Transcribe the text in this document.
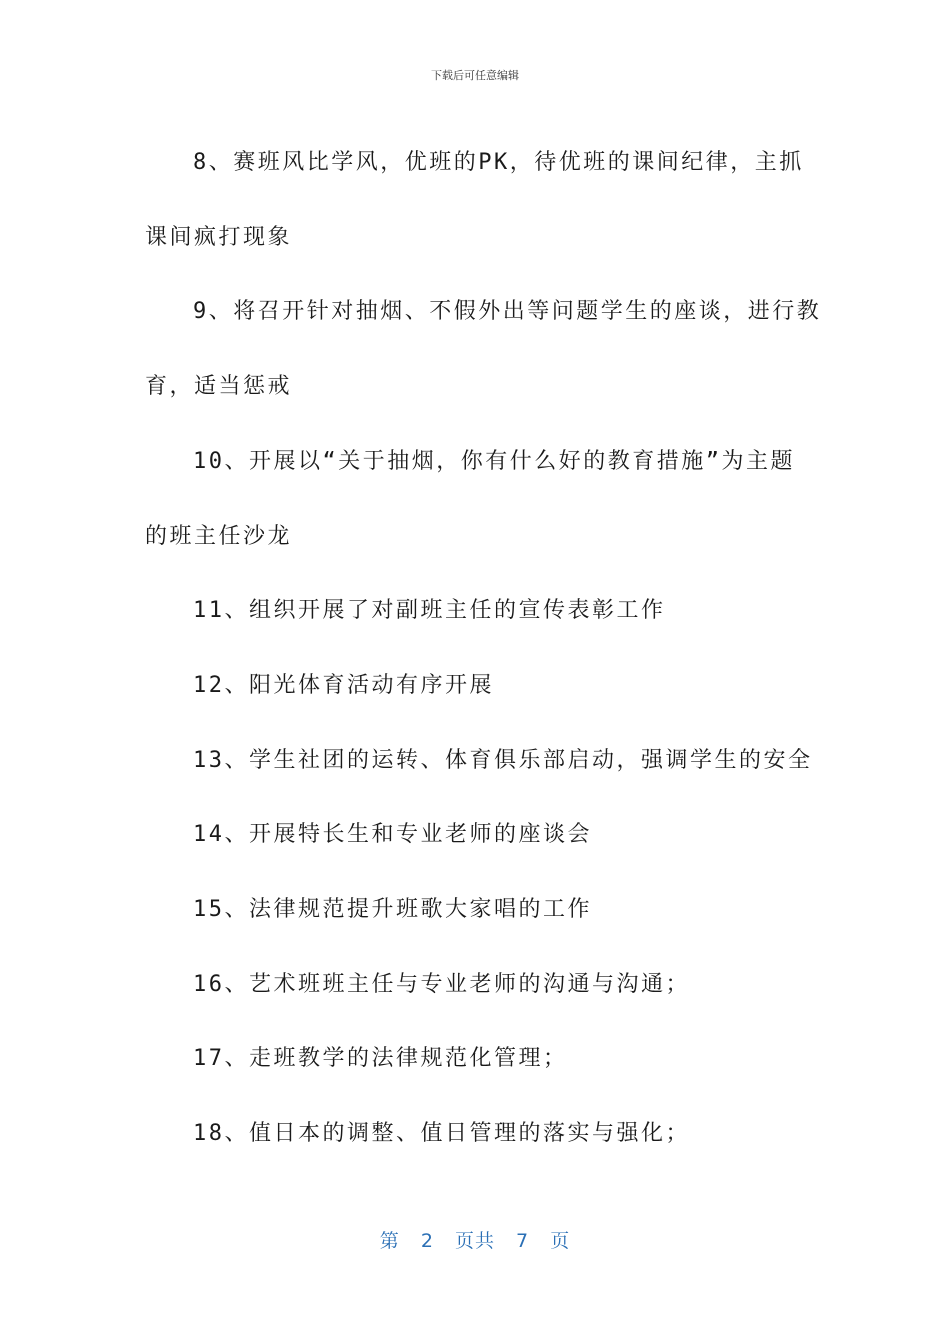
下载后可任意编辑

8、赛班风比学风，优班的PK，待优班的课间纪律，主抓
课间疯打现象

9、将召开针对抽烟、不假外出等问题学生的座谈，进行教
育，适当惩戒

10、开展以“关于抽烟，你有什么好的教育措施”为主题
的班主任沙龙

11、组织开展了对副班主任的宣传表彰工作

12、阳光体育活动有序开展

13、学生社团的运转、体育俱乐部启动，强调学生的安全

14、开展特长生和专业老师的座谈会

15、法律规范提升班歌大家唱的工作

16、艺术班班主任与专业老师的沟通与沟通；

17、走班教学的法律规范化管理；

18、值日本的调整、值日管理的落实与强化；

第 2 页共 7 页
